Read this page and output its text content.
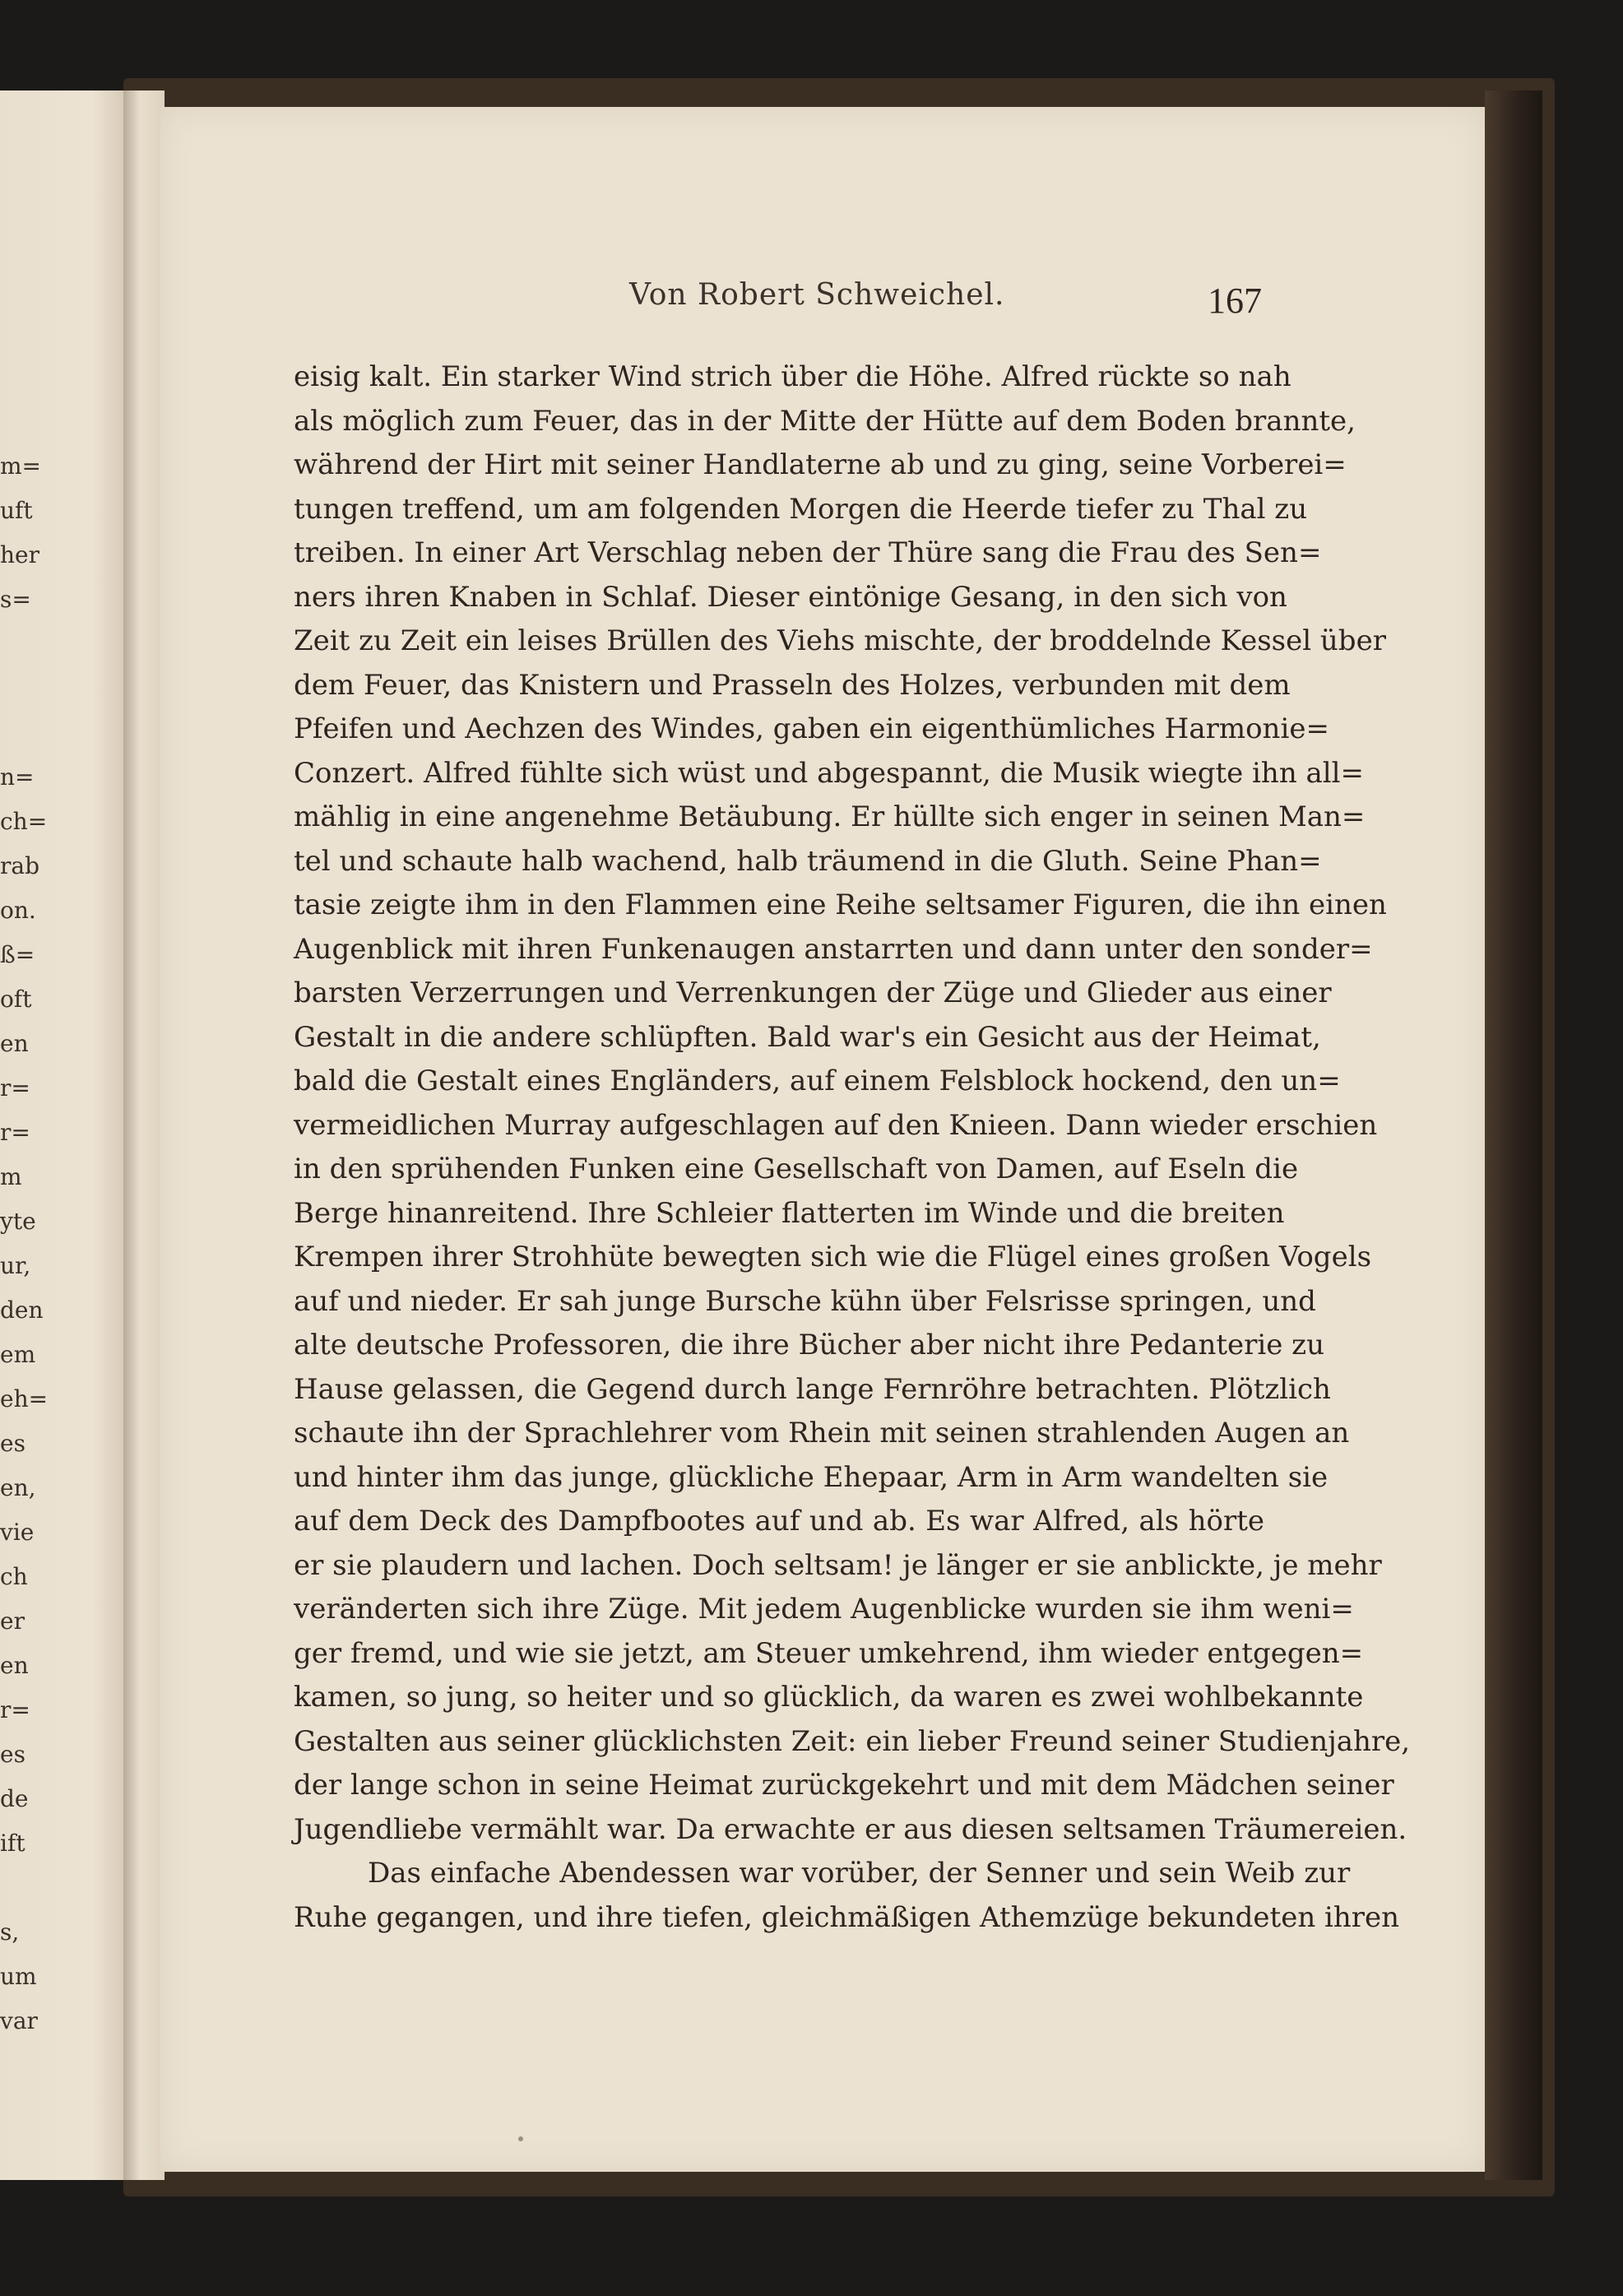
m=
uft
her
s=
n=
ch=
rab
on.
ß=
oft
en
r=
r=
m
yte
ur,
den
em
eh=
es
en,
vie
ch
er
en
r=
es
de
ift
s,
um
var
Von Robert Schweichel.	167
eisig kalt. Ein starker Wind strich über die Höhe. Alfred rückte so nah
als möglich zum Feuer, das in der Mitte der Hütte auf dem Boden brannte,
während der Hirt mit seiner Handlaterne ab und zu ging, seine Vorberei=
tungen treffend, um am folgenden Morgen die Heerde tiefer zu Thal zu
treiben. In einer Art Verschlag neben der Thüre sang die Frau des Sen=
ners ihren Knaben in Schlaf. Dieser eintönige Gesang, in den sich von
Zeit zu Zeit ein leises Brüllen des Viehs mischte, der broddelnde Kessel über
dem Feuer, das Knistern und Prasseln des Holzes, verbunden mit dem
Pfeifen und Aechzen des Windes, gaben ein eigenthümliches Harmonie=
Conzert. Alfred fühlte sich wüst und abgespannt, die Musik wiegte ihn all=
mählig in eine angenehme Betäubung. Er hüllte sich enger in seinen Man=
tel und schaute halb wachend, halb träumend in die Gluth. Seine Phan=
tasie zeigte ihm in den Flammen eine Reihe seltsamer Figuren, die ihn einen
Augenblick mit ihren Funkenaugen anstarrten und dann unter den sonder=
barsten Verzerrungen und Verrenkungen der Züge und Glieder aus einer
Gestalt in die andere schlüpften. Bald war's ein Gesicht aus der Heimat,
bald die Gestalt eines Engländers, auf einem Felsblock hockend, den un=
vermeidlichen Murray aufgeschlagen auf den Knieen. Dann wieder erschien
in den sprühenden Funken eine Gesellschaft von Damen, auf Eseln die
Berge hinanreitend. Ihre Schleier flatterten im Winde und die breiten
Krempen ihrer Strohhüte bewegten sich wie die Flügel eines großen Vogels
auf und nieder. Er sah junge Bursche kühn über Felsrisse springen, und
alte deutsche Professoren, die ihre Bücher aber nicht ihre Pedanterie zu
Hause gelassen, die Gegend durch lange Fernröhre betrachten. Plötzlich
schaute ihn der Sprachlehrer vom Rhein mit seinen strahlenden Augen an
und hinter ihm das junge, glückliche Ehepaar, Arm in Arm wandelten sie
auf dem Deck des Dampfbootes auf und ab. Es war Alfred, als hörte
er sie plaudern und lachen. Doch seltsam! je länger er sie anblickte, je mehr
veränderten sich ihre Züge. Mit jedem Augenblicke wurden sie ihm weni=
ger fremd, und wie sie jetzt, am Steuer umkehrend, ihm wieder entgegen=
kamen, so jung, so heiter und so glücklich, da waren es zwei wohlbekannte
Gestalten aus seiner glücklichsten Zeit: ein lieber Freund seiner Studienjahre,
der lange schon in seine Heimat zurückgekehrt und mit dem Mädchen seiner
Jugendliebe vermählt war. Da erwachte er aus diesen seltsamen Träumereien.
Das einfache Abendessen war vorüber, der Senner und sein Weib zur
Ruhe gegangen, und ihre tiefen, gleichmäßigen Athemzüge bekundeten ihren
